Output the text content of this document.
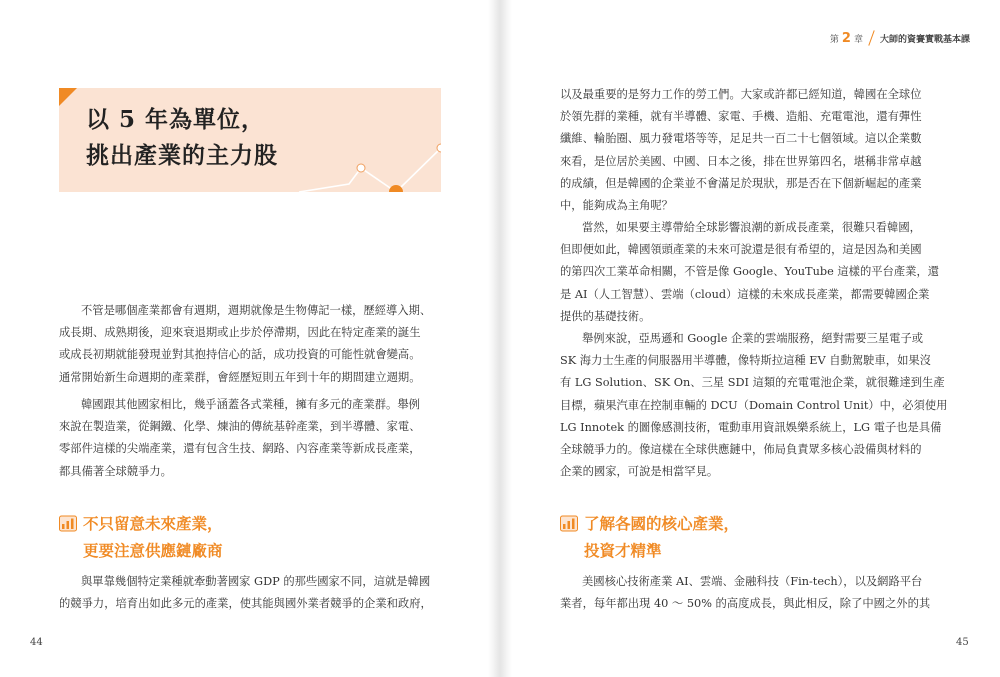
以 5 年為單位，
挑出產業的主力股
不管是哪個產業都會有週期，週期就像是生物傳記一樣，歷經導入期、
成長期、成熟期後，迎來衰退期或止步於停滯期，因此在特定產業的誕生
或成長初期就能發現並對其抱持信心的話，成功投資的可能性就會變高。
通常開始新生命週期的產業群，會經歷短則五年到十年的期間建立週期。
韓國跟其他國家相比，幾乎涵蓋各式業種，擁有多元的產業群。舉例
來說在製造業，從鋼鐵、化學、煉油的傳統基幹產業，到半導體、家電、
零部件這樣的尖端產業，還有包含生技、網路、內容產業等新成長產業，
都具備著全球競爭力。
不只留意未來產業，
更要注意供應鏈廠商
與單靠幾個特定業種就牽動著國家 GDP 的那些國家不同，這就是韓國
的競爭力，培育出如此多元的產業，使其能與國外業者競爭的企業和政府，
44
第 2 章 大師的資賽實戰基本課
以及最重要的是努力工作的勞工們。大家或許都已經知道，韓國在全球位
於領先群的業種，就有半導體、家電、手機、造船、充電電池，還有彈性
纖維、輪胎圈、風力發電塔等等，足足共一百二十七個領域。這以企業數
來看，是位居於美國、中國、日本之後，排在世界第四名，堪稱非常卓越
的成績，但是韓國的企業並不會滿足於現狀，那是否在下個新崛起的產業
中，能夠成為主角呢？
當然，如果要主導帶給全球影響浪潮的新成長產業，很難只看韓國，
但即便如此，韓國領頭產業的未來可說還是很有希望的，這是因為和美國
的第四次工業革命相關，不管是像 Google、YouTube 這樣的平台產業，還
是 AI（人工智慧）、雲端（cloud）這樣的未來成長產業，都需要韓國企業
提供的基礎技術。
舉例來說，亞馬遜和 Google 企業的雲端服務，絕對需要三星電子或
SK 海力士生產的伺服器用半導體，像特斯拉這種 EV 自動駕駛車，如果沒
有 LG Solution、SK On、三星 SDI 這類的充電電池企業，就很難達到生產
目標，蘋果汽車在控制車輛的 DCU（Domain Control Unit）中，必須使用
LG Innotek 的圖像感測技術，電動車用資訊娛樂系統上，LG 電子也是具備
全球競爭力的。像這樣在全球供應鏈中，佈局負責眾多核心設備與材料的
企業的國家，可說是相當罕見。
了解各國的核心產業，
投資才精準
美國核心技術產業 AI、雲端、金融科技（Fin-tech），以及網路平台
業者，每年都出現 40 ～ 50% 的高度成長，與此相反，除了中國之外的其
45
